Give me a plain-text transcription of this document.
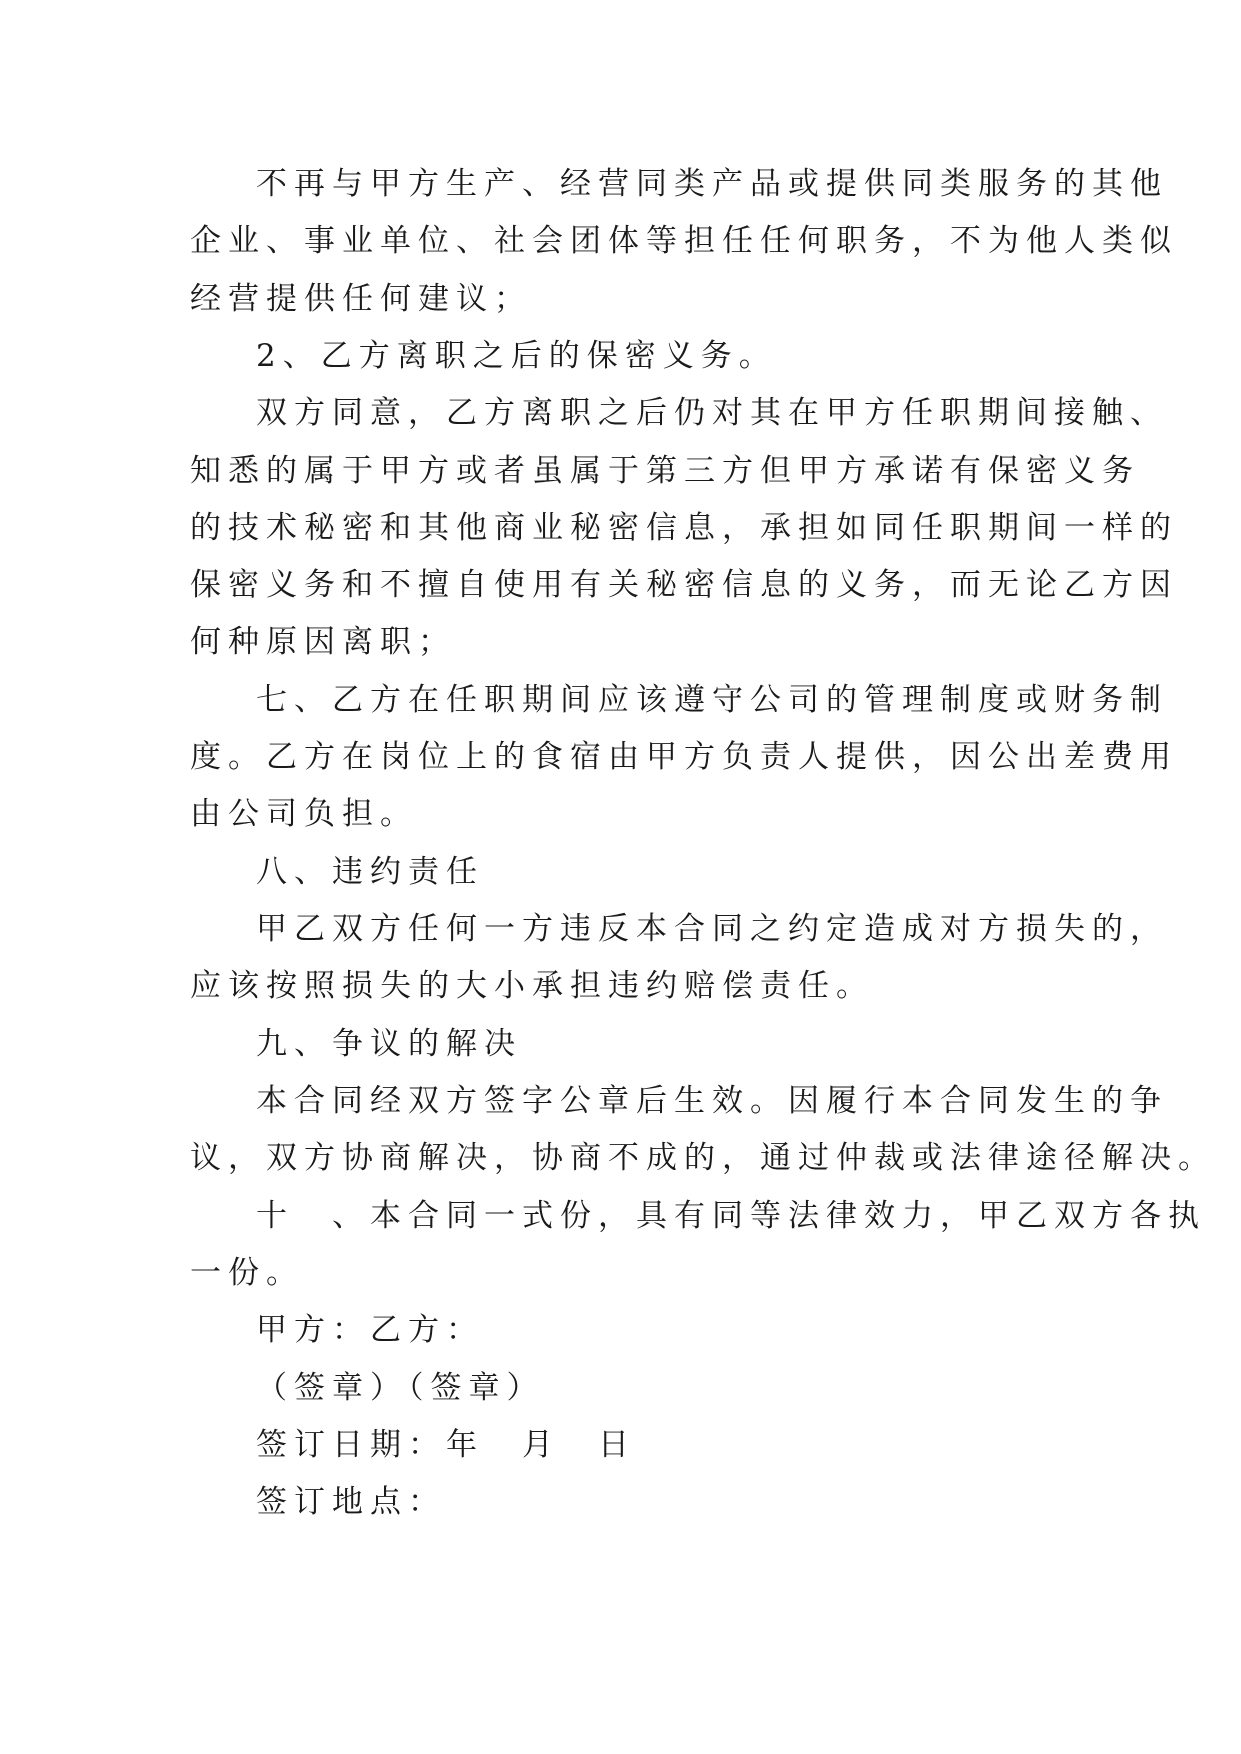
不再与甲方生产、经营同类产品或提供同类服务的其他
企业、事业单位、社会团体等担任任何职务，不为他人类似
经营提供任何建议；
2、乙方离职之后的保密义务。
双方同意，乙方离职之后仍对其在甲方任职期间接触、
知悉的属于甲方或者虽属于第三方但甲方承诺有保密义务
的技术秘密和其他商业秘密信息，承担如同任职期间一样的
保密义务和不擅自使用有关秘密信息的义务，而无论乙方因
何种原因离职；
七、乙方在任职期间应该遵守公司的管理制度或财务制
度。乙方在岗位上的食宿由甲方负责人提供，因公出差费用
由公司负担。
八、违约责任
甲乙双方任何一方违反本合同之约定造成对方损失的，
应该按照损失的大小承担违约赔偿责任。
九、争议的解决
本合同经双方签字公章后生效。因履行本合同发生的争
议，双方协商解决，协商不成的，通过仲裁或法律途径解决。
十　、本合同一式份，具有同等法律效力，甲乙双方各执
一份。
甲方：乙方：
（签章）（签章）
签订日期：年　月　日
签订地点：
